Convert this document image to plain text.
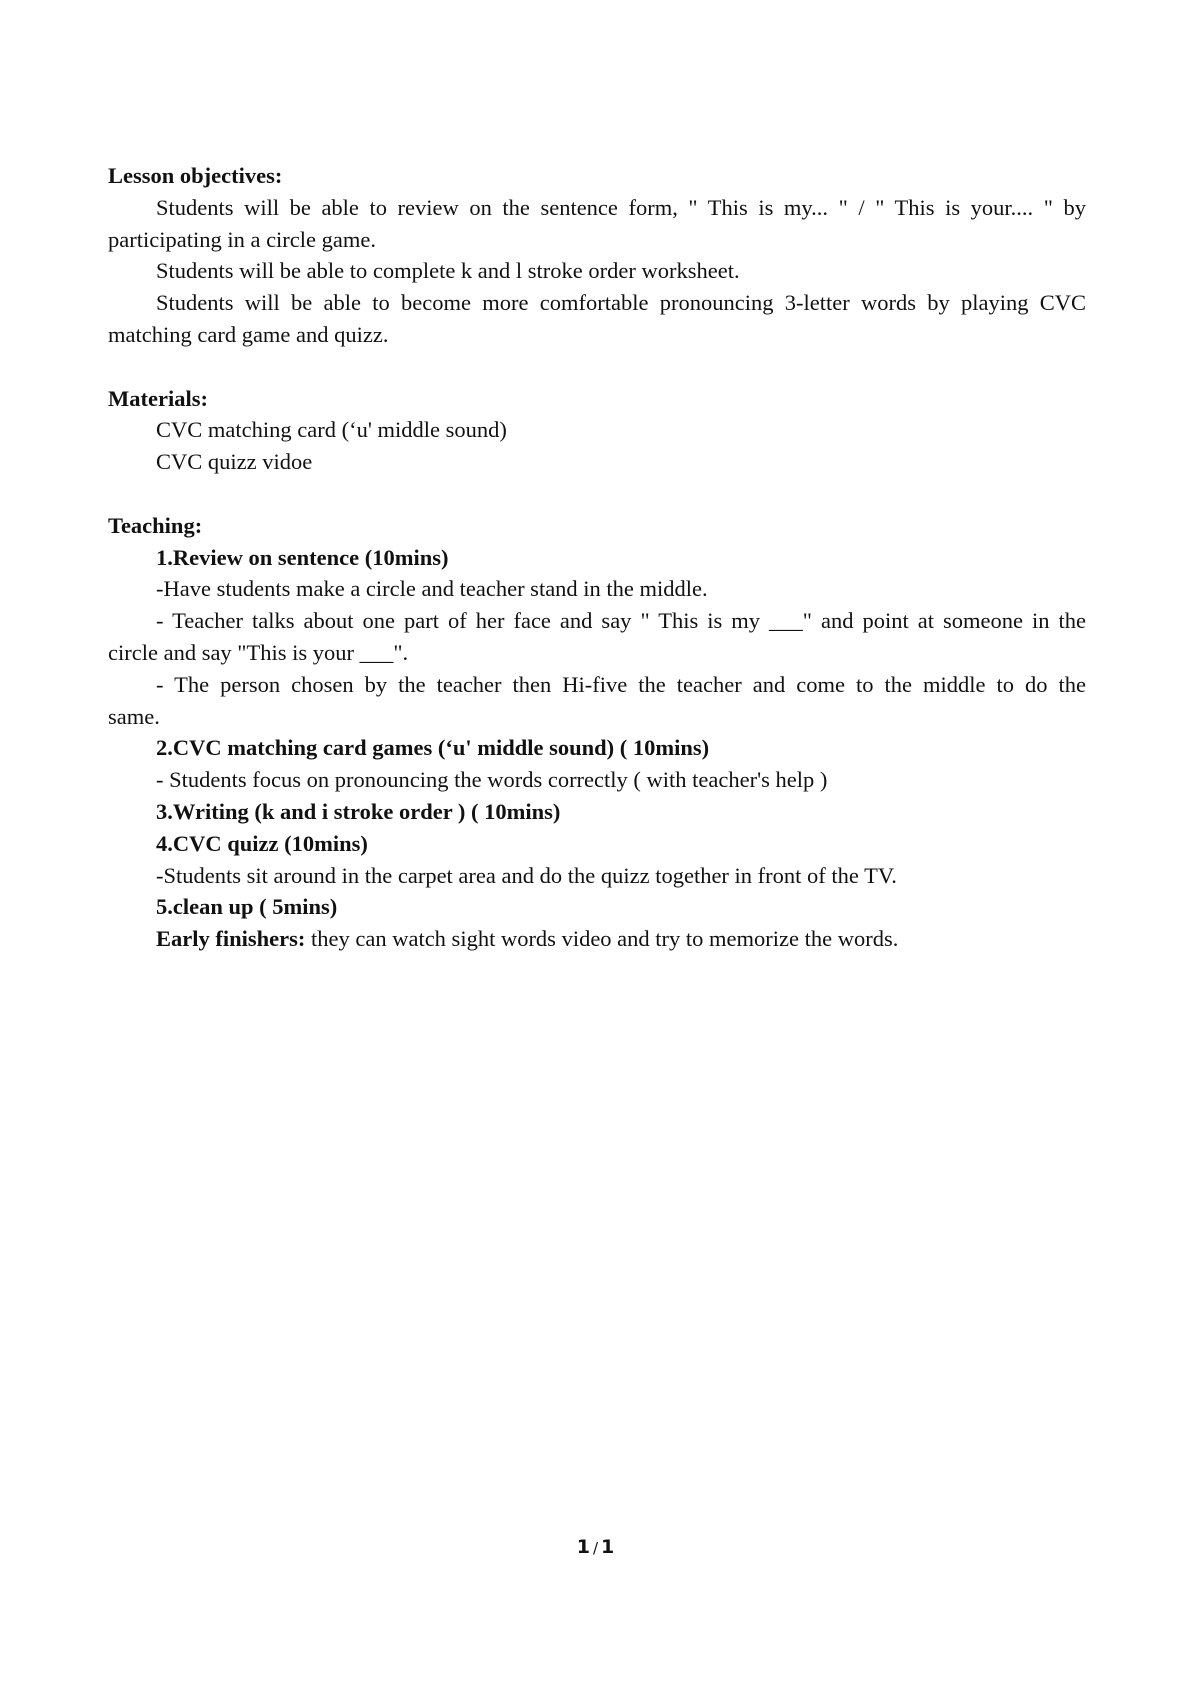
Lesson objectives:
Students will be able to review on the sentence form, " This is my... " / " This is your.... " by
participating in a circle game.
Students will be able to complete k and l stroke order worksheet.
Students will be able to become more comfortable pronouncing 3-letter words by playing CVC
matching card game and quizz.
Materials:
CVC matching card (‘u' middle sound)
CVC quizz vidoe
Teaching:
1.Review on sentence (10mins)
-Have students make a circle and teacher stand in the middle.
- Teacher talks about one part of her face and say " This is my ___" and point at someone in the
circle and say "This is your ___".
- The person chosen by the teacher then Hi-five the teacher and come to the middle to do the
same.
2.CVC matching card games (‘u' middle sound) ( 10mins)
- Students focus on pronouncing the words correctly ( with teacher's help )
3.Writing (k and i stroke order ) ( 10mins)
4.CVC quizz (10mins)
-Students sit around in the carpet area and do the quizz together in front of the TV.
5.clean up ( 5mins)
Early finishers: they can watch sight words video and try to memorize the words.
1 / 1
